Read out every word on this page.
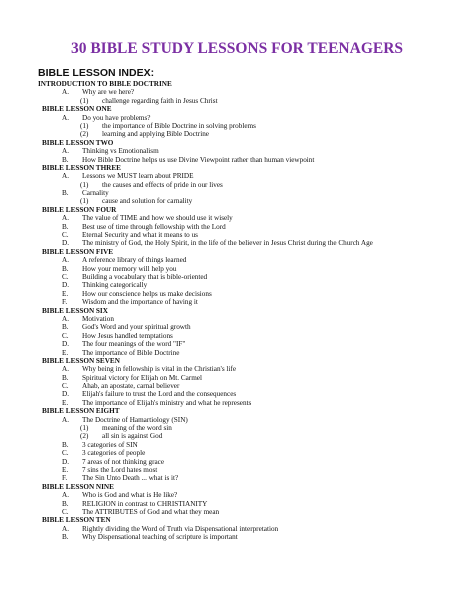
30 BIBLE STUDY LESSONS FOR TEENAGERS
BIBLE LESSON INDEX:
INTRODUCTION TO BIBLE DOCTRINE
A. Why are we here?
(1) challenge regarding faith in Jesus Christ
BIBLE LESSON ONE
A. Do you have problems?
(1) the importance of Bible Doctrine in solving problems
(2) learning and applying Bible Doctrine
BIBLE LESSON TWO
A. Thinking vs Emotionalism
B. How Bible Doctrine helps us use Divine Viewpoint rather than human viewpoint
BIBLE LESSON THREE
A. Lessons we MUST learn about PRIDE
(1) the causes and effects of pride in our lives
B. Carnality
(1) cause and solution for carnality
BIBLE LESSON FOUR
A. The value of TIME and how we should use it wisely
B. Best use of time through fellowship with the Lord
C. Eternal Security and what it means to us
D. The ministry of God, the Holy Spirit, in the life of the believer in Jesus Christ during the Church Age
BIBLE LESSON FIVE
A. A reference library of things learned
B. How your memory will help you
C. Building a vocabulary that is bible-oriented
D. Thinking categorically
E. How our conscience helps us make decisions
F. Wisdom and the importance of having it
BIBLE LESSON SIX
A. Motivation
B. God's Word and your spiritual growth
C. How Jesus handled temptations
D. The four meanings of the word "IF"
E. The importance of Bible Doctrine
BIBLE LESSON SEVEN
A. Why being in fellowship is vital in the Christian's life
B. Spiritual victory for Elijah on Mt. Carmel
C. Ahab, an apostate, carnal believer
D. Elijah's failure to trust the Lord and the consequences
E. The importance of Elijah's ministry and what he represents
BIBLE LESSON EIGHT
A. The Doctrine of Hamartiology (SIN)
(1) meaning of the word sin
(2) all sin is against God
B. 3 categories of SIN
C. 3 categories of people
D. 7 areas of not thinking grace
E. 7 sins the Lord hates most
F. The Sin Unto Death ... what is it?
BIBLE LESSON NINE
A. Who is God and what is He like?
B. RELIGION in contrast to CHRISTIANITY
C. The ATTRIBUTES of God and what they mean
BIBLE LESSON TEN
A. Rightly dividing the Word of Truth via Dispensational interpretation
B. Why Dispensational teaching of scripture is important
